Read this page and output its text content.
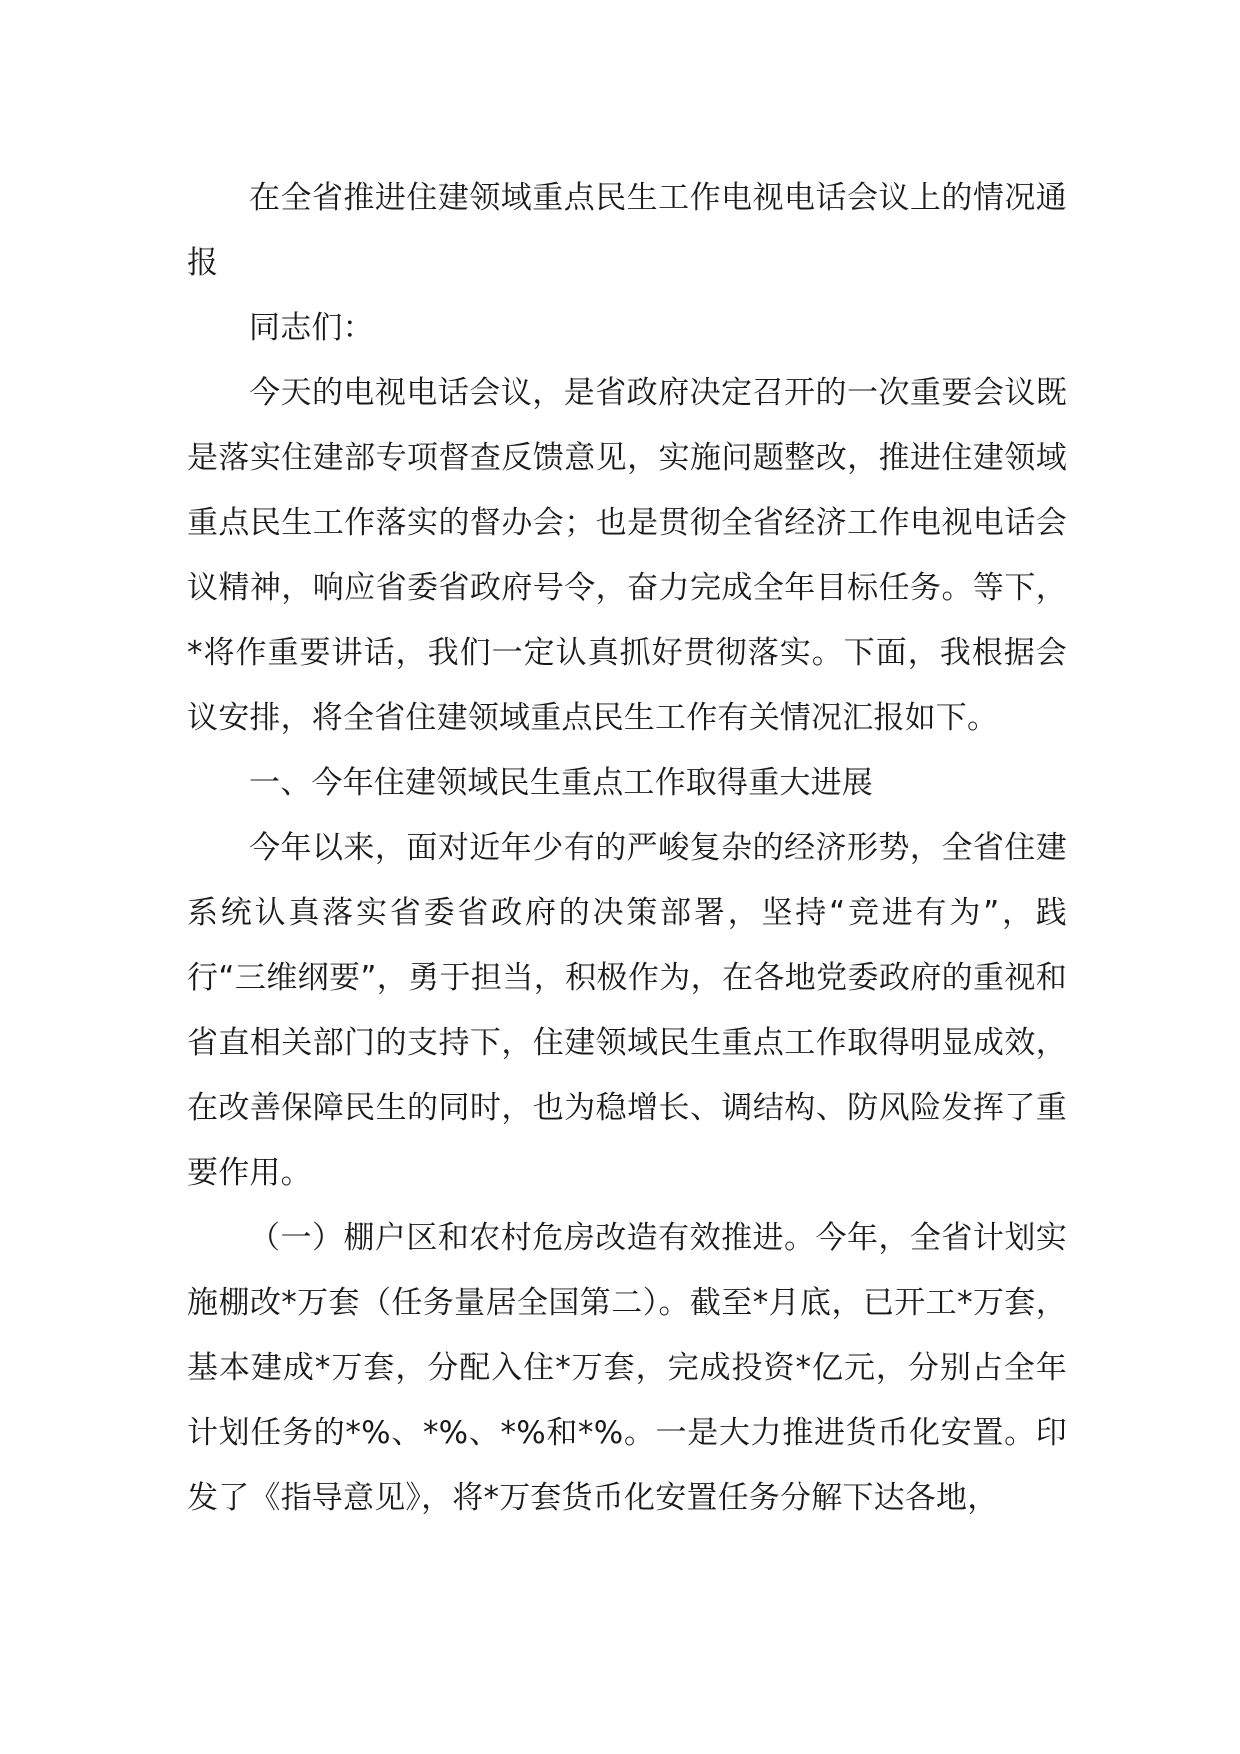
在全省推进住建领域重点民生工作电视电话会议上的情况通报

同志们：

今天的电视电话会议，是省政府决定召开的一次重要会议既是落实住建部专项督查反馈意见，实施问题整改，推进住建领域重点民生工作落实的督办会；也是贯彻全省经济工作电视电话会议精神，响应省委省政府号令，奋力完成全年目标任务。等下，*将作重要讲话，我们一定认真抓好贯彻落实。下面，我根据会议安排，将全省住建领域重点民生工作有关情况汇报如下。

一、今年住建领域民生重点工作取得重大进展

今年以来，面对近年少有的严峻复杂的经济形势，全省住建系统认真落实省委省政府的决策部署，坚持“竞进有为”，践行“三维纲要”，勇于担当，积极作为，在各地党委政府的重视和省直相关部门的支持下，住建领域民生重点工作取得明显成效，在改善保障民生的同时，也为稳增长、调结构、防风险发挥了重要作用。

（一）棚户区和农村危房改造有效推进。今年，全省计划实施棚改*万套（任务量居全国第二）。截至*月底，已开工*万套，基本建成*万套，分配入住*万套，完成投资*亿元，分别占全年计划任务的*%、*%、*%和*%。一是大力推进货币化安置。印发了《指导意见》，将*万套货币化安置任务分解下达各地，
